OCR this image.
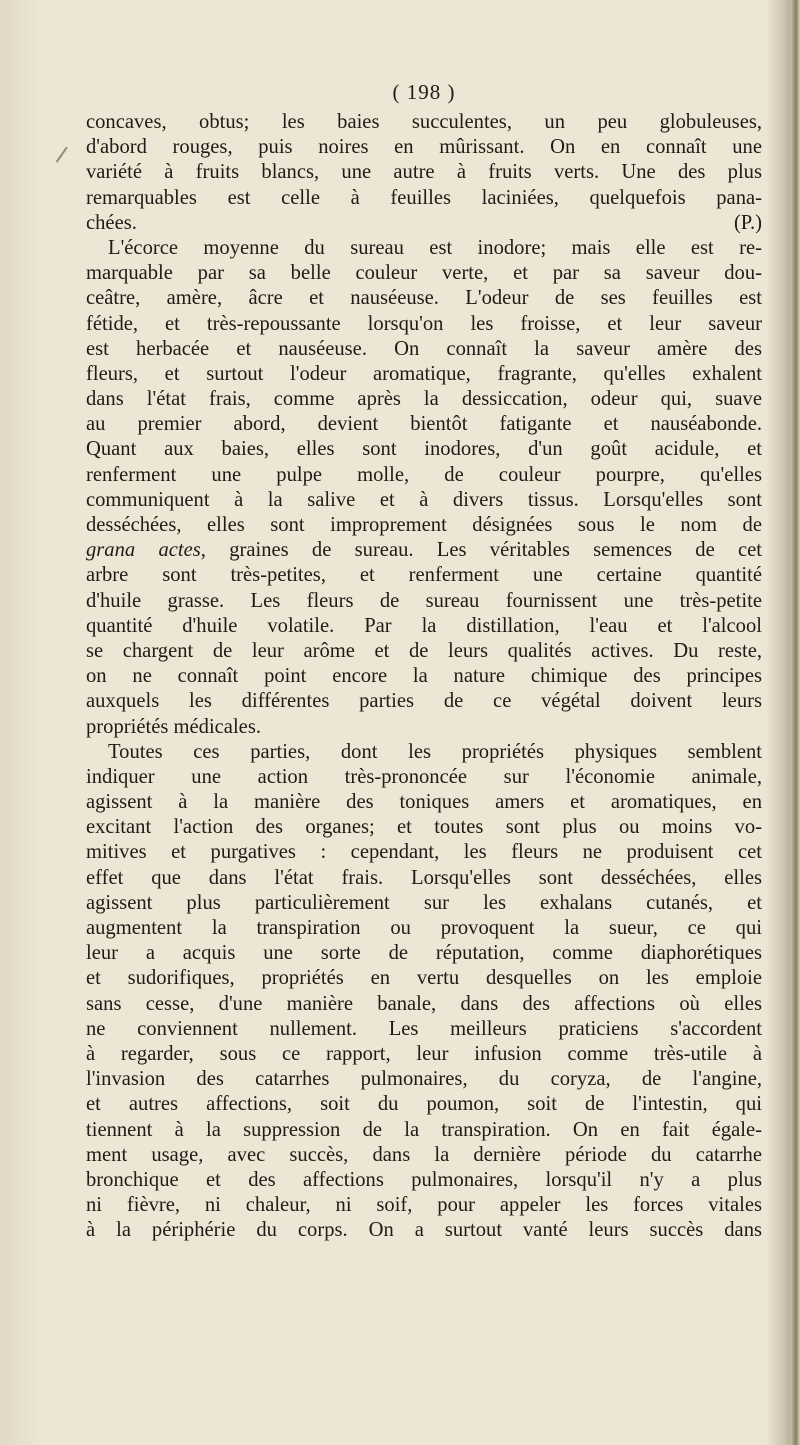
( 198 )
concaves, obtus; les baies succulentes, un peu globuleuses,
d'abord rouges, puis noires en mûrissant. On en connaît une
variété à fruits blancs, une autre à fruits verts. Une des plus
remarquables est celle à feuilles laciniées, quelquefois pana-
chées.	(P.)
L'écorce moyenne du sureau est inodore; mais elle est re-
marquable par sa belle couleur verte, et par sa saveur dou-
ceâtre, amère, âcre et nauséeuse. L'odeur de ses feuilles est
fétide, et très-repoussante lorsqu'on les froisse, et leur saveur
est herbacée et nauséeuse. On connaît la saveur amère des
fleurs, et surtout l'odeur aromatique, fragrante, qu'elles exhalent
dans l'état frais, comme après la dessiccation, odeur qui, suave
au premier abord, devient bientôt fatigante et nauséabonde.
Quant aux baies, elles sont inodores, d'un goût acidule, et
renferment une pulpe molle, de couleur pourpre, qu'elles
communiquent à la salive et à divers tissus. Lorsqu'elles sont
desséchées, elles sont improprement désignées sous le nom de
grana actes, graines de sureau. Les véritables semences de cet
arbre sont très-petites, et renferment une certaine quantité
d'huile grasse. Les fleurs de sureau fournissent une très-petite
quantité d'huile volatile. Par la distillation, l'eau et l'alcool
se chargent de leur arôme et de leurs qualités actives. Du reste,
on ne connaît point encore la nature chimique des principes
auxquels les différentes parties de ce végétal doivent leurs
propriétés médicales.
Toutes ces parties, dont les propriétés physiques semblent
indiquer une action très-prononcée sur l'économie animale,
agissent à la manière des toniques amers et aromatiques, en
excitant l'action des organes; et toutes sont plus ou moins vo-
mitives et purgatives : cependant, les fleurs ne produisent cet
effet que dans l'état frais. Lorsqu'elles sont desséchées, elles
agissent plus particulièrement sur les exhalans cutanés, et
augmentent la transpiration ou provoquent la sueur, ce qui
leur a acquis une sorte de réputation, comme diaphorétiques
et sudorifiques, propriétés en vertu desquelles on les emploie
sans cesse, d'une manière banale, dans des affections où elles
ne conviennent nullement. Les meilleurs praticiens s'accordent
à regarder, sous ce rapport, leur infusion comme très-utile à
l'invasion des catarrhes pulmonaires, du coryza, de l'angine,
et autres affections, soit du poumon, soit de l'intestin, qui
tiennent à la suppression de la transpiration. On en fait égale-
ment usage, avec succès, dans la dernière période du catarrhe
bronchique et des affections pulmonaires, lorsqu'il n'y a plus
ni fièvre, ni chaleur, ni soif, pour appeler les forces vitales
à la périphérie du corps. On a surtout vanté leurs succès dans
